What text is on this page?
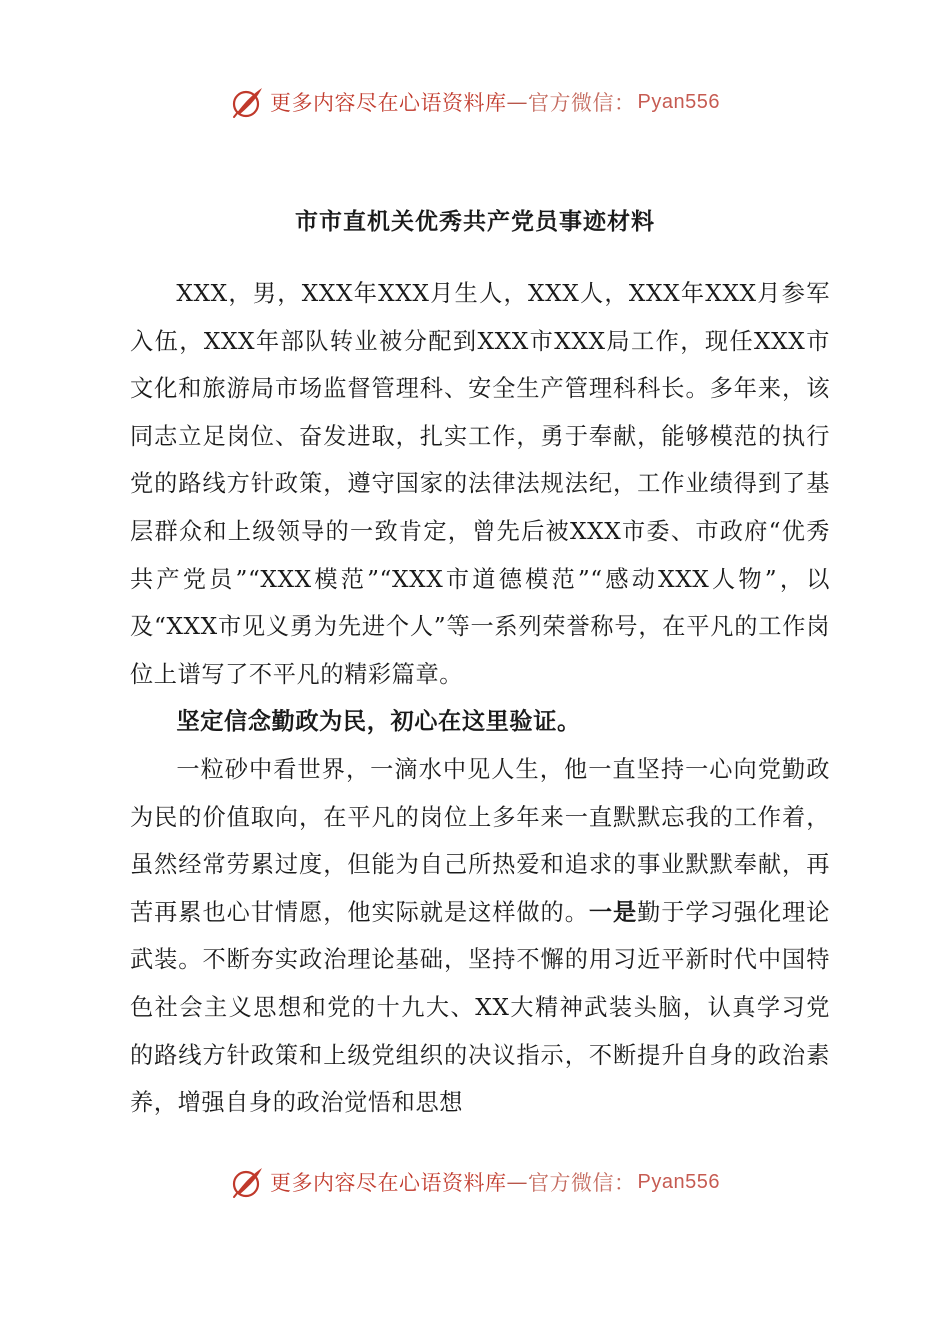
更多内容尽在心语资料库 — 官方微信： Pyan556
市市直机关优秀共产党员事迹材料

XXX，男，XXX年XXX月生人，XXX人，XXX年XXX月参军入伍，XXX年部队转业被分配到XXX市XXX局工作，现任XXX市文化和旅游局市场监督管理科、安全生产管理科科长。多年来，该同志立足岗位、奋发进取，扎实工作，勇于奉献，能够模范的执行党的路线方针政策，遵守国家的法律法规法纪，工作业绩得到了基层群众和上级领导的一致肯定，曾先后被XXX市委、市政府“优秀共产党员”“XXX模范”“XXX市道德模范”“感动XXX人物”，以及“XXX市见义勇为先进个人”等一系列荣誉称号，在平凡的工作岗位上谱写了不平凡的精彩篇章。

坚定信念勤政为民，初心在这里验证。

一粒砂中看世界，一滴水中见人生，他一直坚持一心向党勤政为民的价值取向，在平凡的岗位上多年来一直默默忘我的工作着，虽然经常劳累过度，但能为自己所热爱和追求的事业默默奉献，再苦再累也心甘情愿，他实际就是这样做的。一是勤于学习强化理论武装。不断夯实政治理论基础，坚持不懈的用习近平新时代中国特色社会主义思想和党的十九大、XX大精神武装头脑，认真学习党的路线方针政策和上级党组织的决议指示，不断提升自身的政治素养，增强自身的政治觉悟和思想

更多内容尽在心语资料库 — 官方微信： Pyan556
